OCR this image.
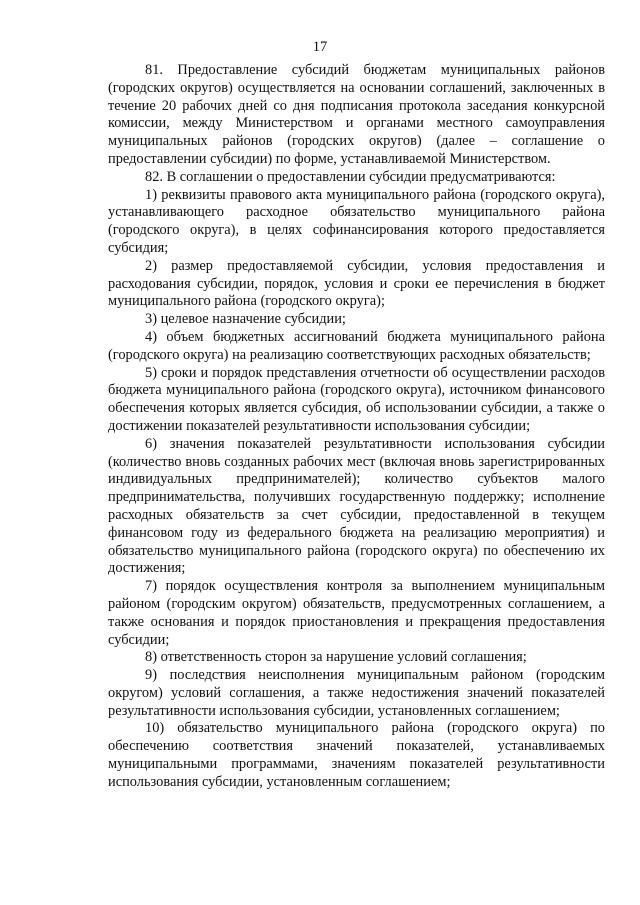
17

81. Предоставление субсидий бюджетам муниципальных районов (городских округов) осуществляется на основании соглашений, заключенных в течение 20 рабочих дней со дня подписания протокола заседания конкурсной комиссии, между Министерством и органами местного самоуправления муниципальных районов (городских округов) (далее – соглашение о предоставлении субсидии) по форме, устанавливаемой Министерством.

82. В соглашении о предоставлении субсидии предусматриваются:

1) реквизиты правового акта муниципального района (городского округа), устанавливающего расходное обязательство муниципального района (городского округа), в целях софинансирования которого предоставляется субсидия;

2) размер предоставляемой субсидии, условия предоставления и расходования субсидии, порядок, условия и сроки ее перечисления в бюджет муниципального района (городского округа);

3) целевое назначение субсидии;

4) объем бюджетных ассигнований бюджета муниципального района (городского округа) на реализацию соответствующих расходных обязательств;

5) сроки и порядок представления отчетности об осуществлении расходов бюджета муниципального района (городского округа), источником финансового обеспечения которых является субсидия, об использовании субсидии, а также о достижении показателей результативности использования субсидии;

6) значения показателей результативности использования субсидии (количество вновь созданных рабочих мест (включая вновь зарегистрированных индивидуальных предпринимателей); количество субъектов малого предпринимательства, получивших государственную поддержку; исполнение расходных обязательств за счет субсидии, предоставленной в текущем финансовом году из федерального бюджета на реализацию мероприятия) и обязательство муниципального района (городского округа) по обеспечению их достижения;

7) порядок осуществления контроля за выполнением муниципальным районом (городским округом) обязательств, предусмотренных соглашением, а также основания и порядок приостановления и прекращения предоставления субсидии;

8) ответственность сторон за нарушение условий соглашения;

9) последствия неисполнения муниципальным районом (городским округом) условий соглашения, а также недостижения значений показателей результативности использования субсидии, установленных соглашением;

10) обязательство муниципального района (городского округа) по обеспечению соответствия значений показателей, устанавливаемых муниципальными программами, значениям показателей результативности использования субсидии, установленным соглашением;
